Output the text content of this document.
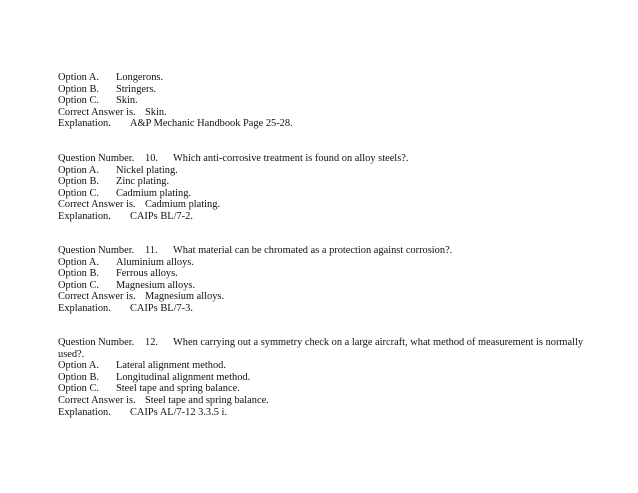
Option A. Longerons.
Option B. Stringers.
Option C. Skin.
Correct Answer is. Skin.
Explanation. A&P Mechanic Handbook Page 25-28.
Question Number. 10. Which anti-corrosive treatment is found on alloy steels?.
Option A. Nickel plating.
Option B. Zinc plating.
Option C. Cadmium plating.
Correct Answer is. Cadmium plating.
Explanation. CAIPs BL/7-2.
Question Number. 11. What material can be chromated as a protection against corrosion?.
Option A. Aluminium alloys.
Option B. Ferrous alloys.
Option C. Magnesium alloys.
Correct Answer is. Magnesium alloys.
Explanation. CAIPs BL/7-3.
Question Number. 12. When carrying out a symmetry check on a large aircraft, what method of measurement is normally
used?.
Option A. Lateral alignment method.
Option B. Longitudinal alignment method.
Option C. Steel tape and spring balance.
Correct Answer is. Steel tape and spring balance.
Explanation. CAIPs AL/7-12 3.3.5 i.
